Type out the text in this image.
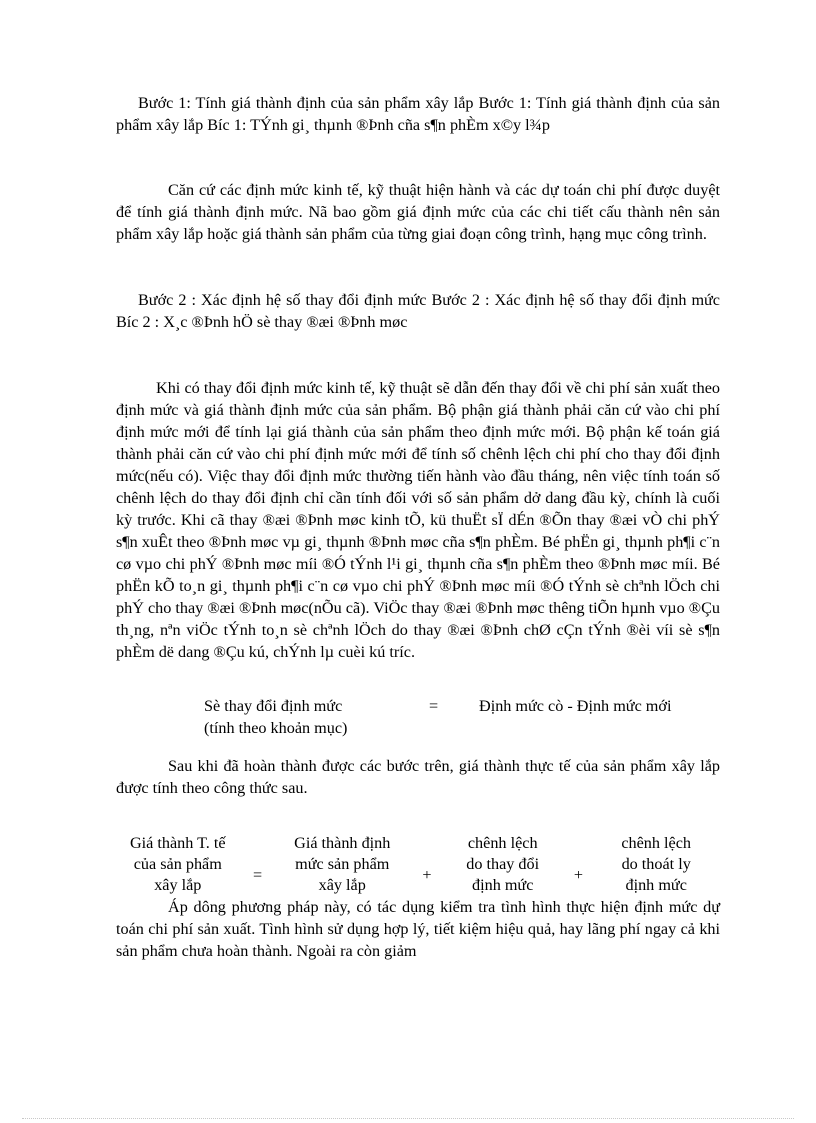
Bước 1: Tính giá thành định của sản phẩm xây lắp Bước 1: Tính giá thành định của sản phẩm xây lắp Bíc 1: TÝnh gi¸ thµnh ®Þnh cña s¶n phÈm x©y l¾p

Căn cứ các định mức kinh tế, kỹ thuật hiện hành và các dự toán chi phí được duyệt để tính giá thành định mức. Nã bao gồm giá định mức của các chi tiết cấu thành nên sản phẩm xây lắp hoặc giá thành sản phẩm của từng giai đoạn công trình, hạng mục công trình.

Bước 2 : Xác định hệ số thay đổi định mức Bước 2 : Xác định hệ số thay đổi định mức Bíc 2 : X¸c ®Þnh hÖ sè thay ®æi ®Þnh møc

Khi có thay đổi định mức kinh tế, kỹ thuật sẽ dẫn đến thay đổi về chi phí sản xuất theo định mức và giá thành định mức của sản phẩm. Bộ phận giá thành phải căn cứ vào chi phí định mức mới để tính lại giá thành của sản phẩm theo định mức mới. Bộ phận kế toán giá thành phải căn cứ vào chi phí định mức mới để tính số chênh lệch chi phí cho thay đổi định mức(nếu có). Việc thay đổi định mức thường tiến hành vào đầu tháng, nên việc tính toán số chênh lệch do thay đổi định chỉ cần tính đối với số sản phẩm dở dang đầu kỳ, chính là cuối kỳ trước. Khi cã thay ®æi ®Þnh møc kinh tÕ, kü thuËt sÏ dÉn ®Õn thay ®æi vÒ chi phÝ s¶n xuÊt theo ®Þnh møc vµ gi¸ thµnh ®Þnh møc cña s¶n phÈm. Bé phËn gi¸ thµnh ph¶i c¨n cø vµo chi phÝ ®Þnh møc míi ®Ó tÝnh l¹i gi¸ thµnh cña s¶n phÈm theo ®Þnh møc míi. Bé phËn kÕ to¸n gi¸ thµnh ph¶i c¨n cø vµo chi phÝ ®Þnh møc míi ®Ó tÝnh sè chªnh lÖch chi phÝ cho thay ®æi ®Þnh møc(nÕu cã). ViÖc thay ®æi ®Þnh møc thêng tiÕn hµnh vµo ®Çu th¸ng, nªn viÖc tÝnh to¸n sè chªnh lÖch do thay ®æi ®Þnh chØ cÇn tÝnh ®èi víi sè s¶n phÈm dë dang ®Çu kú, chÝnh lµ cuèi kú tríc.

Sè thay đổi định mức	=	Định mức cò - Định mức mới
(tính theo khoản mục)

Sau khi đã hoàn thành được các bước trên, giá thành thực tế của sản phẩm xây lắp được tính theo công thức sau.

Giá thành T. tế
của sản phẩm
xây lắp
=
Giá thành định
mức sản phẩm
xây lắp
+
chênh lệch
do thay đổi
định mức
+
chênh lệch
do thoát ly
định mức

Áp dông phương pháp này, có tác dụng kiểm tra tình hình thực hiện định mức dự toán chi phí sản xuất. Tình hình sử dụng hợp lý, tiết kiệm hiệu quả, hay lãng phí ngay cả khi sản phẩm chưa hoàn thành. Ngoài ra còn giảm
